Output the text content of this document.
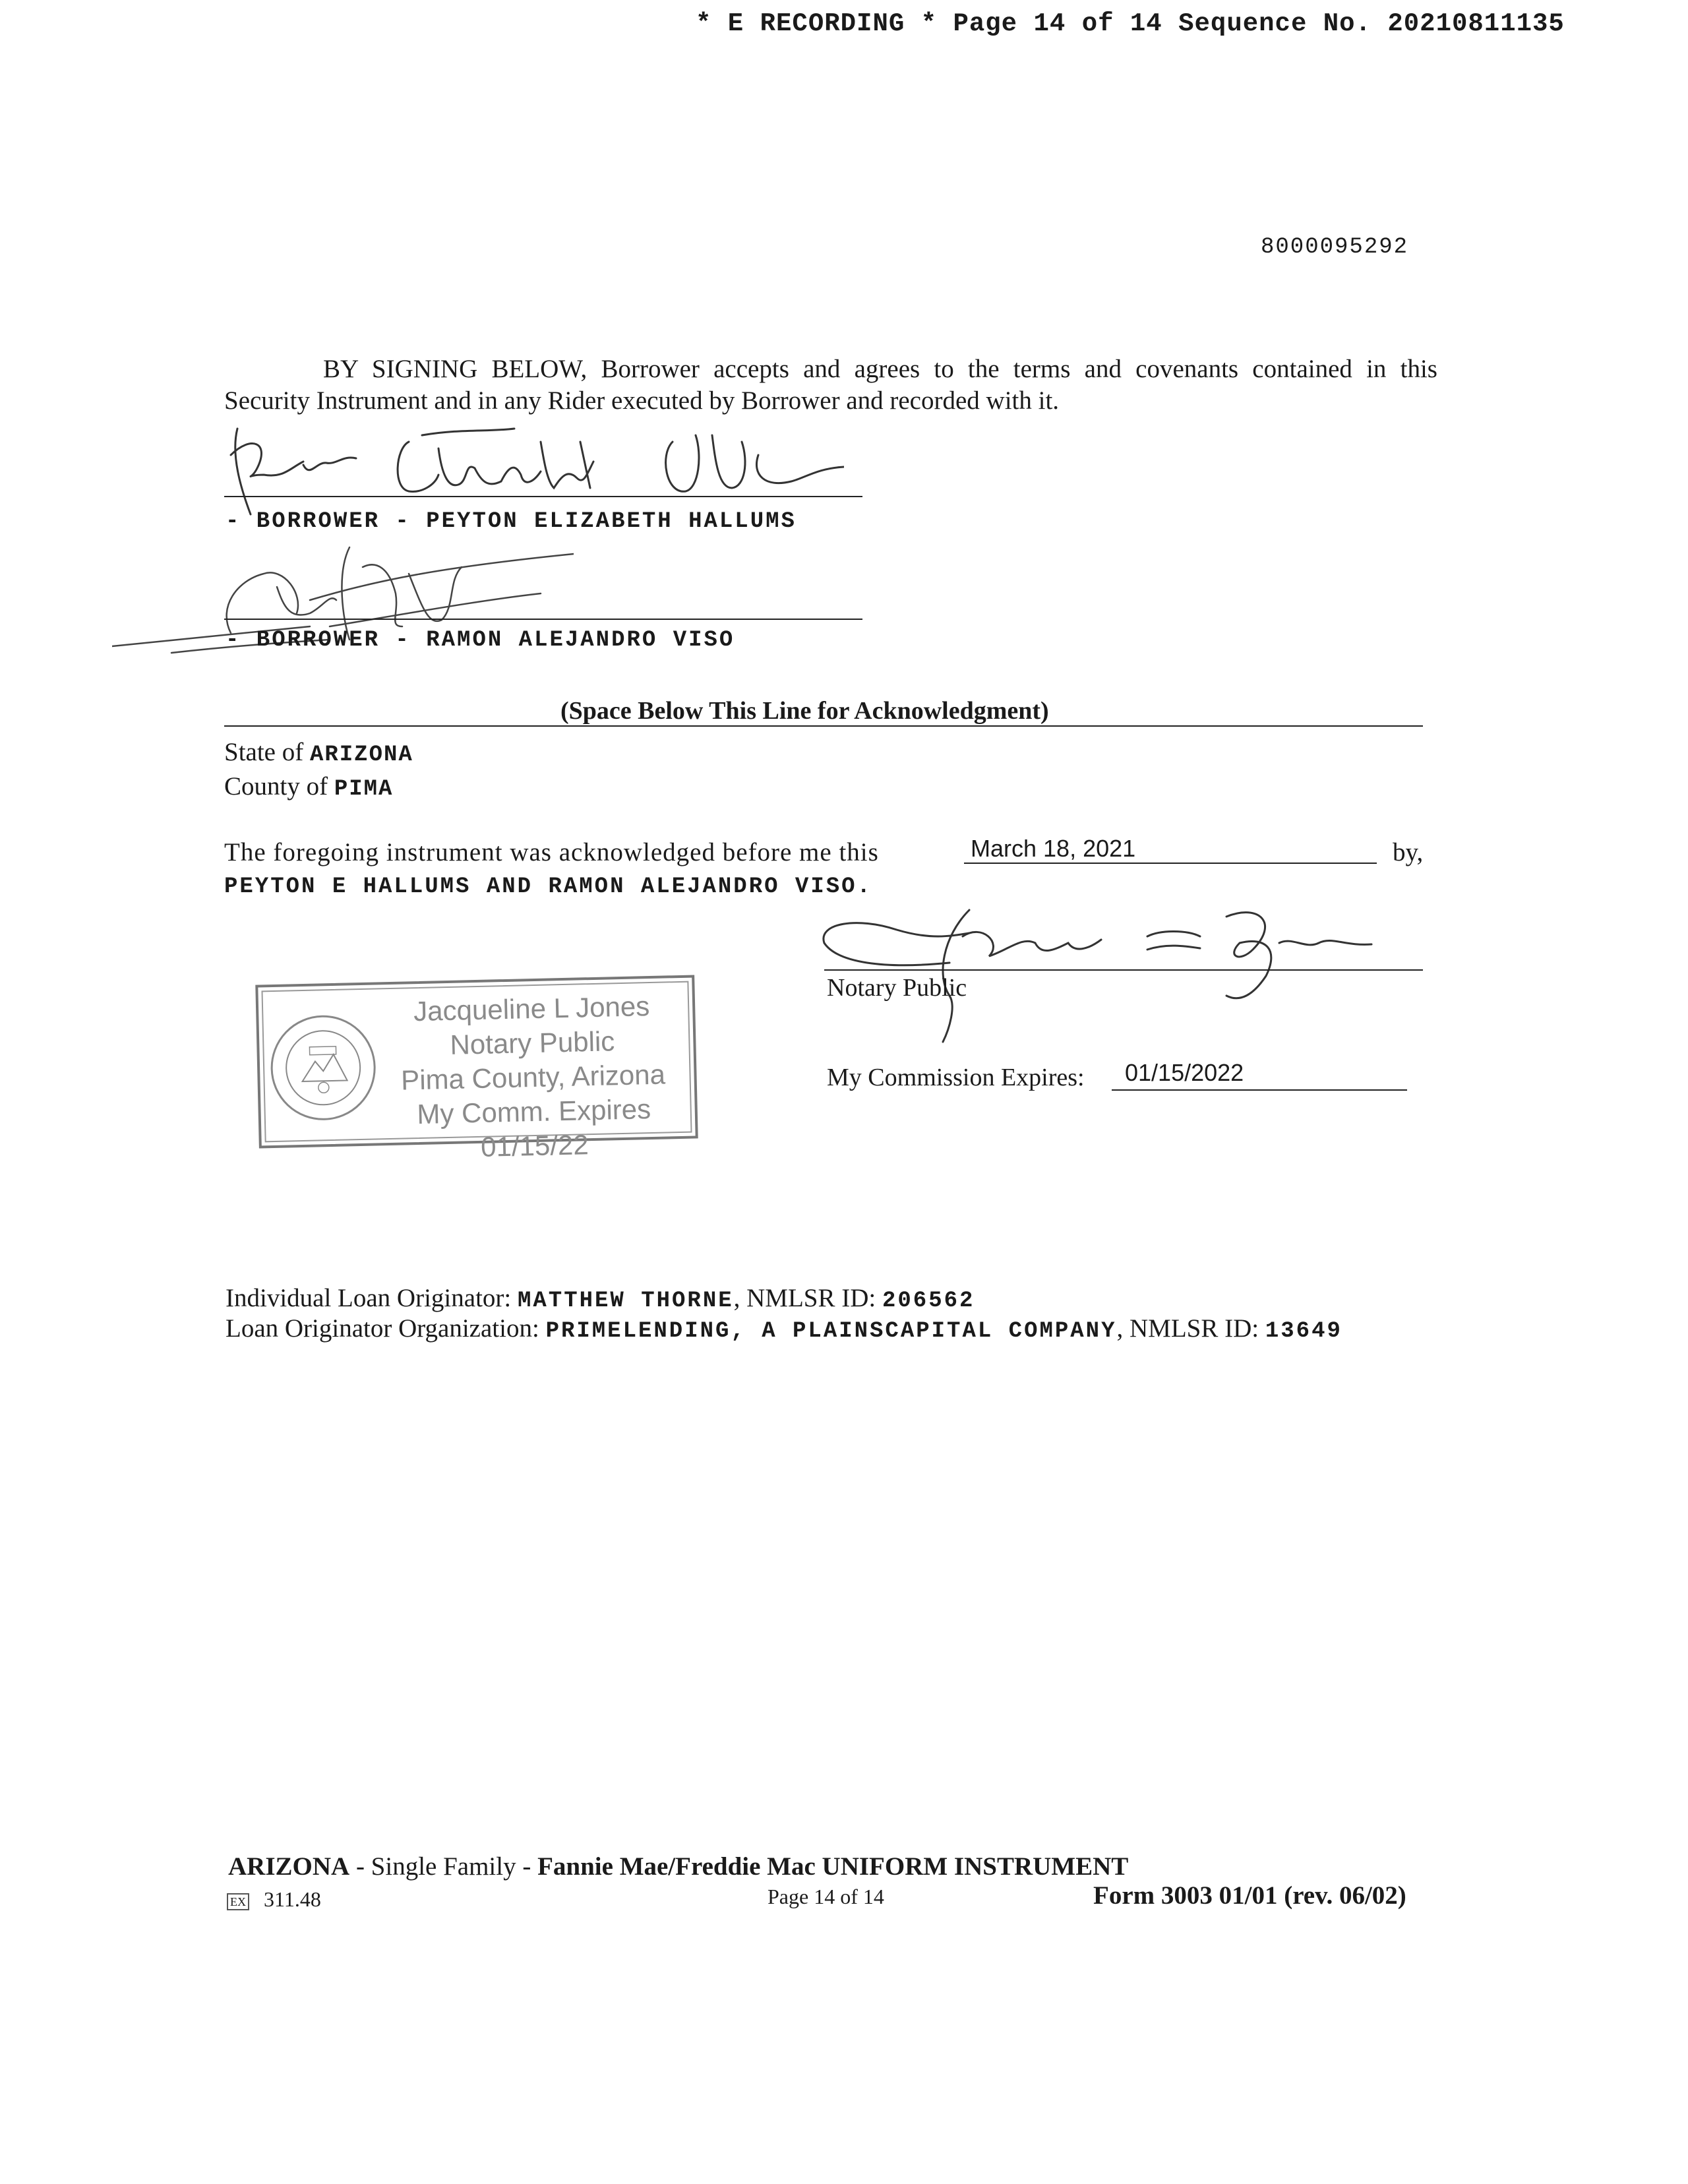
* E RECORDING * Page 14 of 14 Sequence No. 20210811135
8000095292
BY SIGNING BELOW, Borrower accepts and agrees to the terms and covenants contained in this
Security Instrument and in any Rider executed by Borrower and recorded with it.
- BORROWER - PEYTON ELIZABETH HALLUMS
- BORROWER - RAMON ALEJANDRO VISO
(Space Below This Line for Acknowledgment)
State of ARIZONA
County of PIMA
The foregoing instrument was acknowledged before me this	March 18, 2021	by,
PEYTON E HALLUMS AND RAMON ALEJANDRO VISO.
Notary Public
My Commission Expires: 01/15/2022
Jacqueline L Jones
Notary Public
Pima County, Arizona
My Comm. Expires 01/15/22
Individual Loan Originator: MATTHEW THORNE, NMLSR ID: 206562
Loan Originator Organization: PRIMELENDING, A PLAINSCAPITAL COMPANY, NMLSR ID: 13649
ARIZONA - Single Family - Fannie Mae/Freddie Mac UNIFORM INSTRUMENT
EX 311.48	Page 14 of 14	Form 3003 01/01 (rev. 06/02)
